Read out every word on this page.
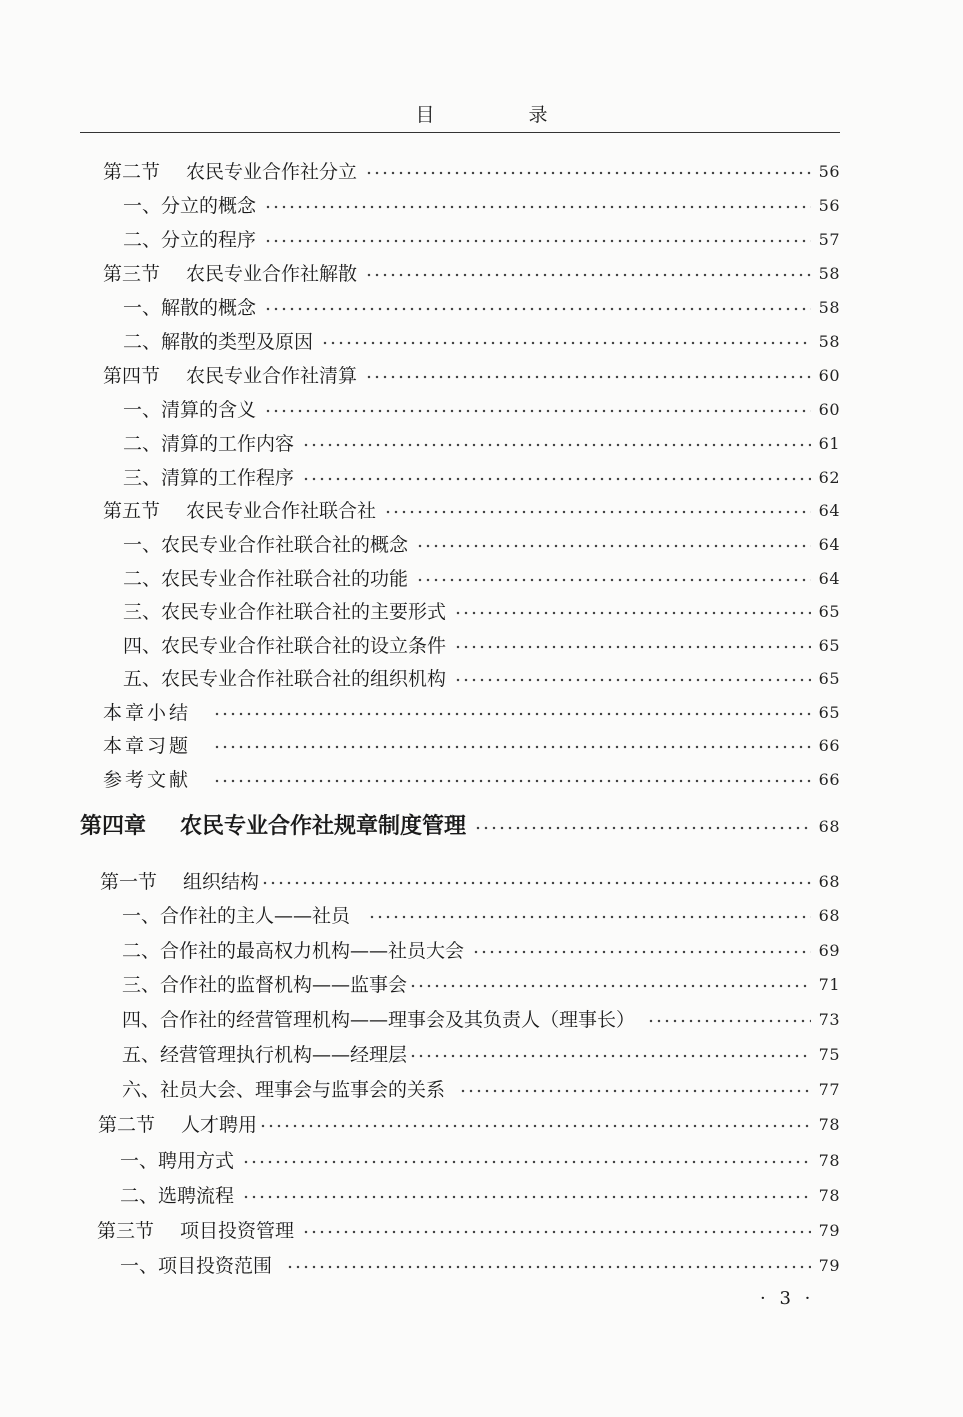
目 录
第二节 农民专业合作社分立	56
一、分立的概念	56
二、分立的程序	57
第三节 农民专业合作社解散	58
一、解散的概念	58
二、解散的类型及原因	58
第四节 农民专业合作社清算	60
一、清算的含义	60
二、清算的工作内容	61
三、清算的工作程序	62
第五节 农民专业合作社联合社	64
一、农民专业合作社联合社的概念	64
二、农民专业合作社联合社的功能	64
三、农民专业合作社联合社的主要形式	65
四、农民专业合作社联合社的设立条件	65
五、农民专业合作社联合社的组织机构	65
本章小结	65
本章习题	66
参考文献	66
第四章 农民专业合作社规章制度管理	68
第一节 组织结构	68
一、合作社的主人——社员	68
二、合作社的最高权力机构——社员大会	69
三、合作社的监督机构——监事会	71
四、合作社的经营管理机构——理事会及其负责人（理事长）	73
五、经营管理执行机构——经理层	75
六、社员大会、理事会与监事会的关系	77
第二节 人才聘用	78
一、聘用方式	78
二、选聘流程	78
第三节 项目投资管理	79
一、项目投资范围	79
· 3 ·
